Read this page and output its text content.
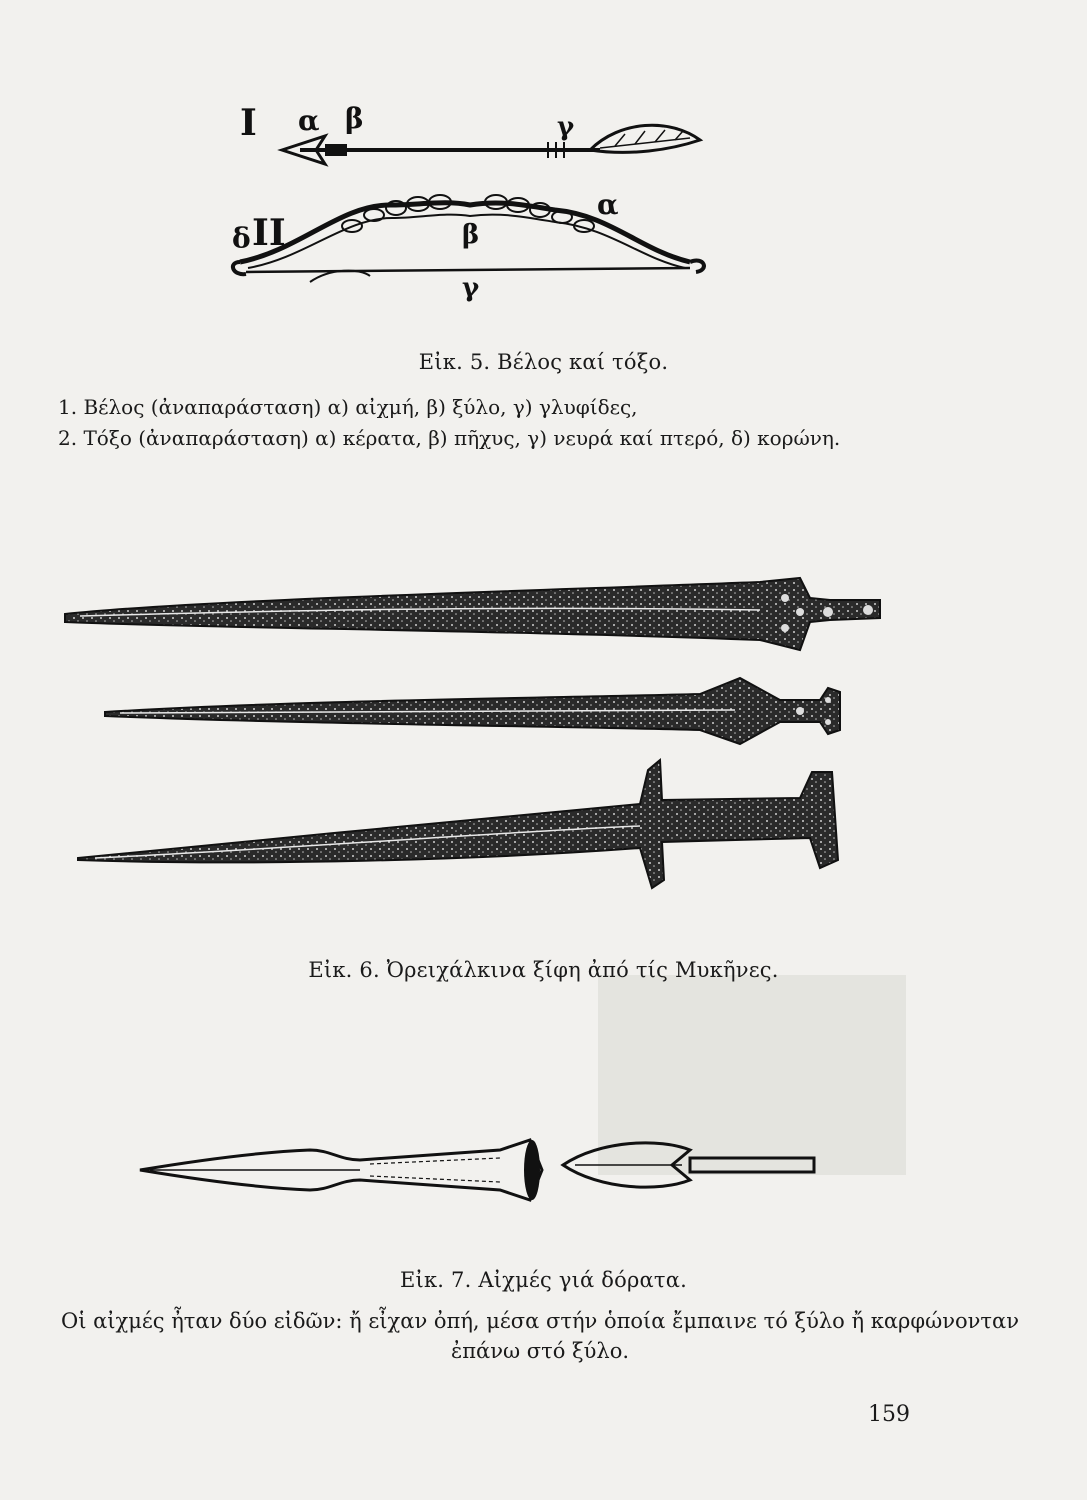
I α β	γ
δ II
α
β
γ
Εἰκ. 5. Βέλος καί τόξο.
1. Βέλος (ἀναπαράσταση) α) αἰχμή, β) ξύλο, γ) γλυφίδες,
2. Τόξο (ἀναπαράσταση) α) κέρατα, β) πῆχυς, γ) νευρά καί πτερό, δ) κορώνη.
Εἰκ. 6. Ὀρειχάλκινα ξίφη ἀπό τίς Μυκῆνες.
Εἰκ. 7. Αἰχμές γιά δόρατα.
Οἱ αἰχμές ἦταν δύο εἰδῶν: ἤ εἶχαν ὀπή, μέσα στήν ὁποία ἔμπαινε τό ξύλο ἤ καρφώνονταν ἐπάνω στό ξύλο.
159
